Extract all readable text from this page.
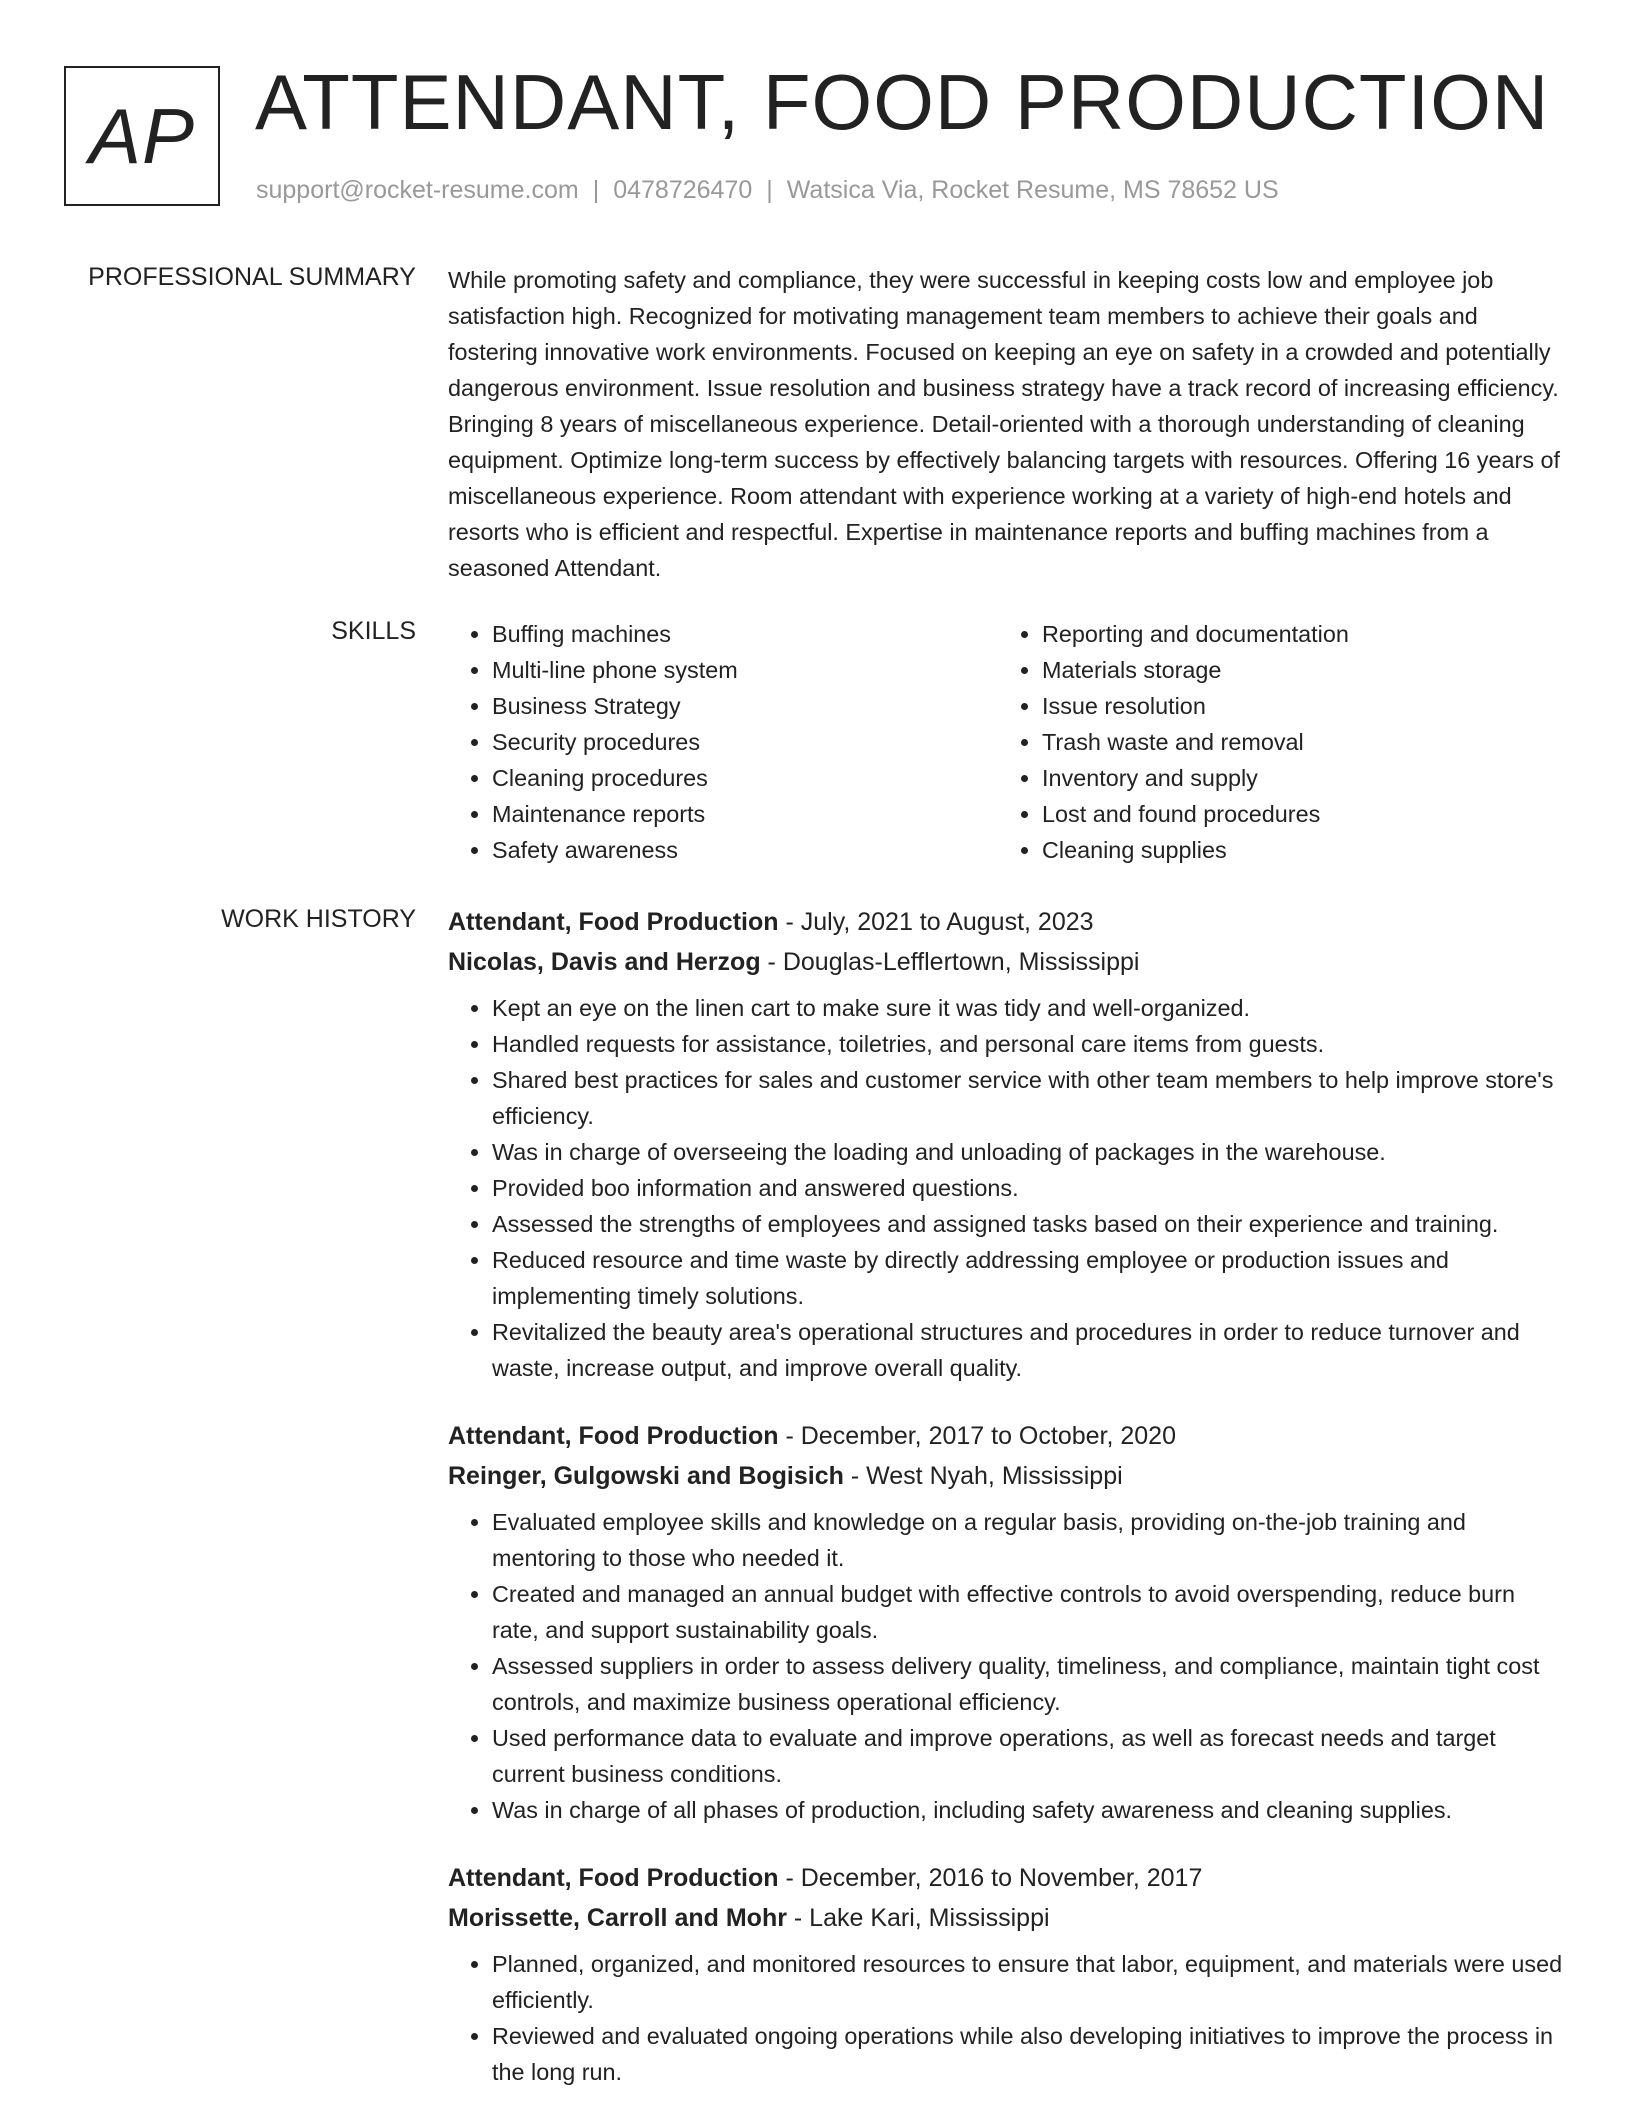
AP ATTENDANT, FOOD PRODUCTION
support@rocket-resume.com | 0478726470 | Watsica Via, Rocket Resume, MS 78652 US
PROFESSIONAL SUMMARY While promoting safety and compliance, they were successful in keeping costs low and employee job satisfaction high. Recognized for motivating management team members to achieve their goals and fostering innovative work environments. Focused on keeping an eye on safety in a crowded and potentially dangerous environment. Issue resolution and business strategy have a track record of increasing efficiency. Bringing 8 years of miscellaneous experience. Detail-oriented with a thorough understanding of cleaning equipment. Optimize long-term success by effectively balancing targets with resources. Offering 16 years of miscellaneous experience. Room attendant with experience working at a variety of high-end hotels and resorts who is efficient and respectful. Expertise in maintenance reports and buffing machines from a seasoned Attendant.
SKILLS
•	Buffing machines
• Multi-line phone system
• Business Strategy
• Security procedures
• Cleaning procedures
• Maintenance reports
• Safety awareness
• Reporting and documentation
• Materials storage
• Issue resolution
• Trash waste and removal
• Inventory and supply
• Lost and found procedures
• Cleaning supplies
WORK HISTORY Attendant, Food Production - July, 2021 to August, 2023
Nicolas, Davis and Herzog - Douglas-Lefflertown, Mississippi
• Kept an eye on the linen cart to make sure it was tidy and well-organized.
• Handled requests for assistance, toiletries, and personal care items from guests.
• Shared best practices for sales and customer service with other team members to help improve store's efficiency.
• Was in charge of overseeing the loading and unloading of packages in the warehouse.
• Provided boo information and answered questions.
• Assessed the strengths of employees and assigned tasks based on their experience and training.
• Reduced resource and time waste by directly addressing employee or production issues and implementing timely solutions.
• Revitalized the beauty area's operational structures and procedures in order to reduce turnover and waste, increase output, and improve overall quality.
Attendant, Food Production - December, 2017 to October, 2020
Reinger, Gulgowski and Bogisich - West Nyah, Mississippi
• Evaluated employee skills and knowledge on a regular basis, providing on-the-job training and mentoring to those who needed it.
• Created and managed an annual budget with effective controls to avoid overspending, reduce burn rate, and support sustainability goals.
• Assessed suppliers in order to assess delivery quality, timeliness, and compliance, maintain tight cost controls, and maximize business operational efficiency.
• Used performance data to evaluate and improve operations, as well as forecast needs and target current business conditions.
• Was in charge of all phases of production, including safety awareness and cleaning supplies.
Attendant, Food Production - December, 2016 to November, 2017
Morissette, Carroll and Mohr - Lake Kari, Mississippi
• Planned, organized, and monitored resources to ensure that labor, equipment, and materials were used efficiently.
• Reviewed and evaluated ongoing operations while also developing initiatives to improve the process in the long run.
